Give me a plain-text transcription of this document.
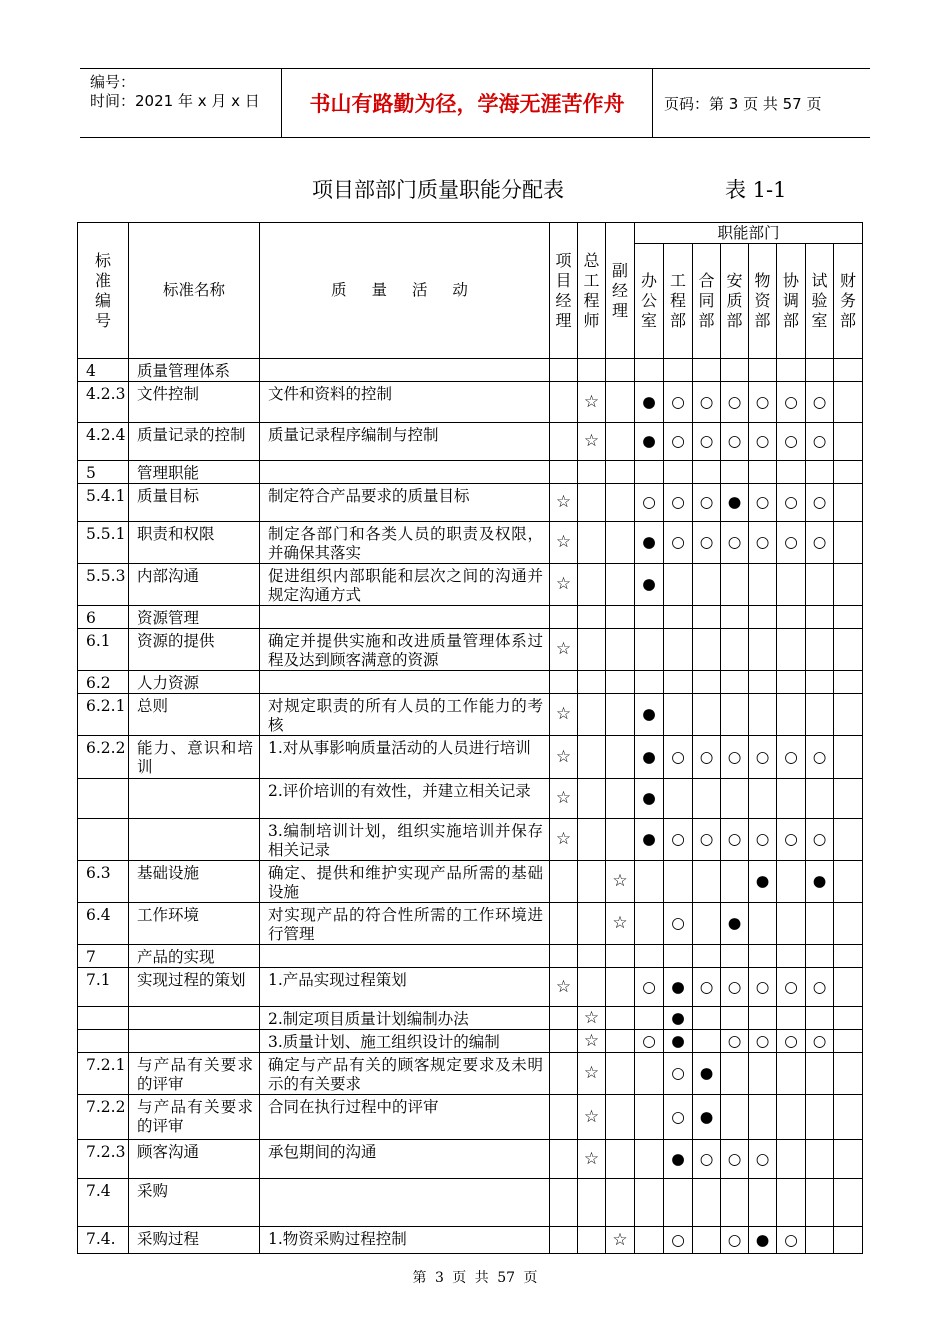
编号：
时间：2021 年 x 月 x 日	书山有路勤为径，学海无涯苦作舟	页码：第 3 页 共 57 页
项目部部门质量职能分配表	表 1-1
标准编号	标准名称	质 量 活 动	项目经理	总工程师	副经理	职能部门							
						办公室	工程部	合同部	安质部	物资部	协调部	试验室	财务部
4	质量管理体系												
4.2.3	文件控制	文件和资料的控制		☆		●	○	○	○	○	○	○	
4.2.4	质量记录的控制	质量记录程序编制与控制		☆		●	○	○	○	○	○	○	
5	管理职能												
5.4.1	质量目标	制定符合产品要求的质量目标	☆			○	○	○	●	○	○	○	
5.5.1	职责和权限	制定各部门和各类人员的职责及权限，并确保其落实	☆			●	○	○	○	○	○	○	
5.5.3	内部沟通	促进组织内部职能和层次之间的沟通并规定沟通方式	☆			●							
6	资源管理												
6.1	资源的提供	确定并提供实施和改进质量管理体系过程及达到顾客满意的资源	☆										
6.2	人力资源												
6.2.1	总则	对规定职责的所有人员的工作能力的考核	☆			●							
6.2.2	能力、意识和培训	1.对从事影响质量活动的人员进行培训	☆			●	○	○	○	○	○	○	
		2.评价培训的有效性，并建立相关记录	☆			●							
		3.编制培训计划，组织实施培训并保存相关记录	☆			●	○	○	○	○	○	○	
6.3	基础设施	确定、提供和维护实现产品所需的基础设施			☆					●		●	
6.4	工作环境	对实现产品的符合性所需的工作环境进行管理			☆		○		●				
7	产品的实现												
7.1	实现过程的策划	1.产品实现过程策划	☆			○	●	○	○	○	○	○	
		2.制定项目质量计划编制办法		☆			●						
		3.质量计划、施工组织设计的编制		☆		○	●		○	○	○	○	
7.2.1	与产品有关要求的评审	确定与产品有关的顾客规定要求及未明示的有关要求		☆			○	●					
7.2.2	与产品有关要求的评审	合同在执行过程中的评审		☆			○	●					
7.2.3	顾客沟通	承包期间的沟通		☆			●	○	○	○			
7.4	采购												
7.4.	采购过程	1.物资采购过程控制			☆		○		○	●	○		
第 3 页 共 57 页
